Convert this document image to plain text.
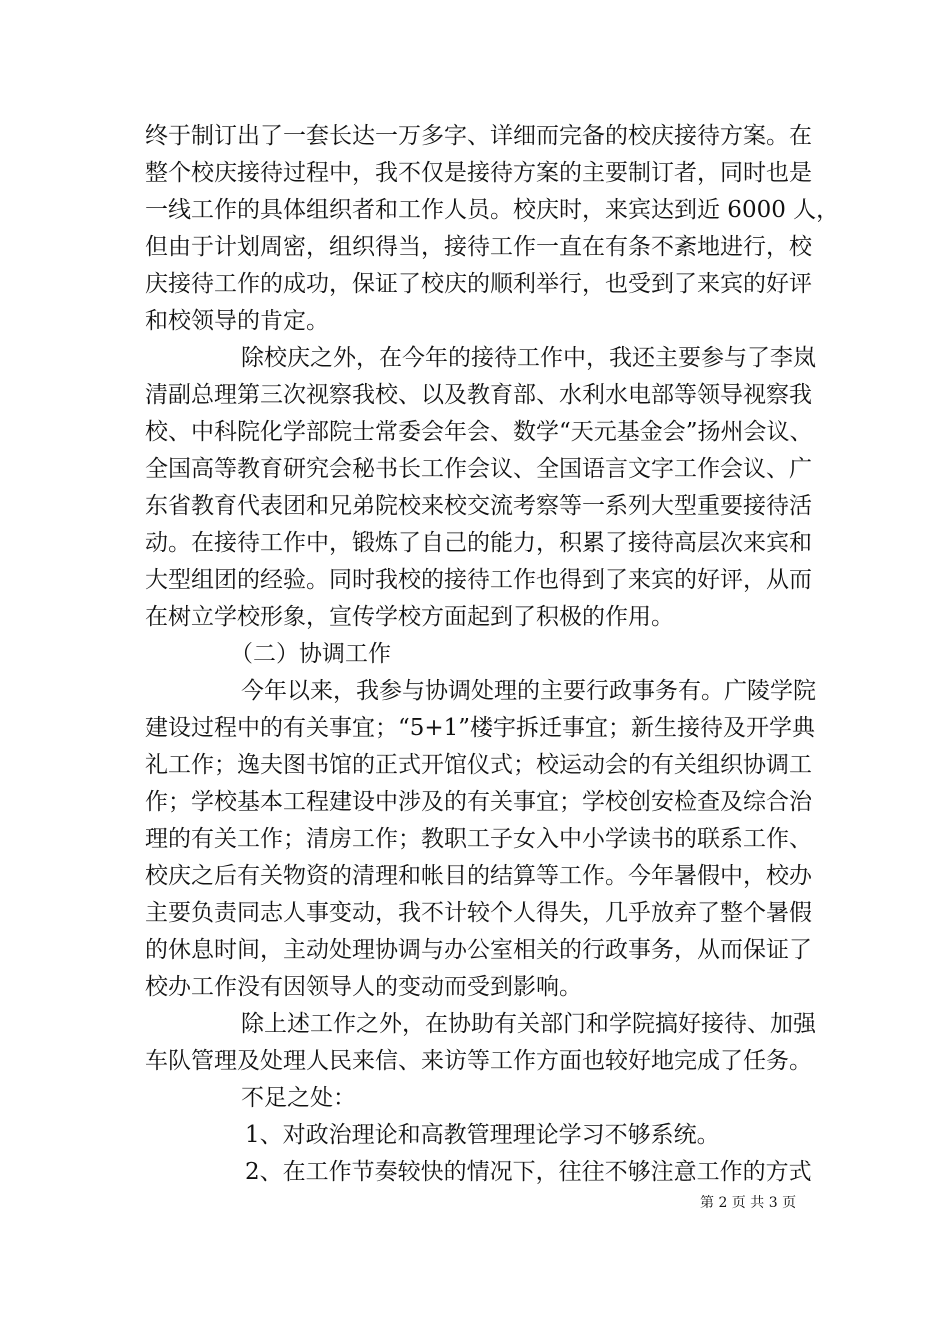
终于制订出了一套长达一万多字、详细而完备的校庆接待方案。在
整个校庆接待过程中，我不仅是接待方案的主要制订者，同时也是
一线工作的具体组织者和工作人员。校庆时，来宾达到近 6000 人，
但由于计划周密，组织得当，接待工作一直在有条不紊地进行，校
庆接待工作的成功，保证了校庆的顺利举行，也受到了来宾的好评
和校领导的肯定。
除校庆之外，在今年的接待工作中，我还主要参与了李岚
清副总理第三次视察我校、以及教育部、水利水电部等领导视察我
校、中科院化学部院士常委会年会、数学“天元基金会”扬州会议、
全国高等教育研究会秘书长工作会议、全国语言文字工作会议、广
东省教育代表团和兄弟院校来校交流考察等一系列大型重要接待活
动。在接待工作中，锻炼了自己的能力，积累了接待高层次来宾和
大型组团的经验。同时我校的接待工作也得到了来宾的好评，从而
在树立学校形象，宣传学校方面起到了积极的作用。
（二）协调工作
今年以来，我参与协调处理的主要行政事务有。广陵学院
建设过程中的有关事宜；“5+1”楼宇拆迁事宜；新生接待及开学典
礼工作；逸夫图书馆的正式开馆仪式；校运动会的有关组织协调工
作；学校基本工程建设中涉及的有关事宜；学校创安检查及综合治
理的有关工作；清房工作；教职工子女入中小学读书的联系工作、
校庆之后有关物资的清理和帐目的结算等工作。今年暑假中，校办
主要负责同志人事变动，我不计较个人得失，几乎放弃了整个暑假
的休息时间，主动处理协调与办公室相关的行政事务，从而保证了
校办工作没有因领导人的变动而受到影响。
除上述工作之外，在协助有关部门和学院搞好接待、加强
车队管理及处理人民来信、来访等工作方面也较好地完成了任务。
不足之处：
1、对政治理论和高教管理理论学习不够系统。
2、在工作节奏较快的情况下，往往不够注意工作的方式
第 2 页 共 3 页
